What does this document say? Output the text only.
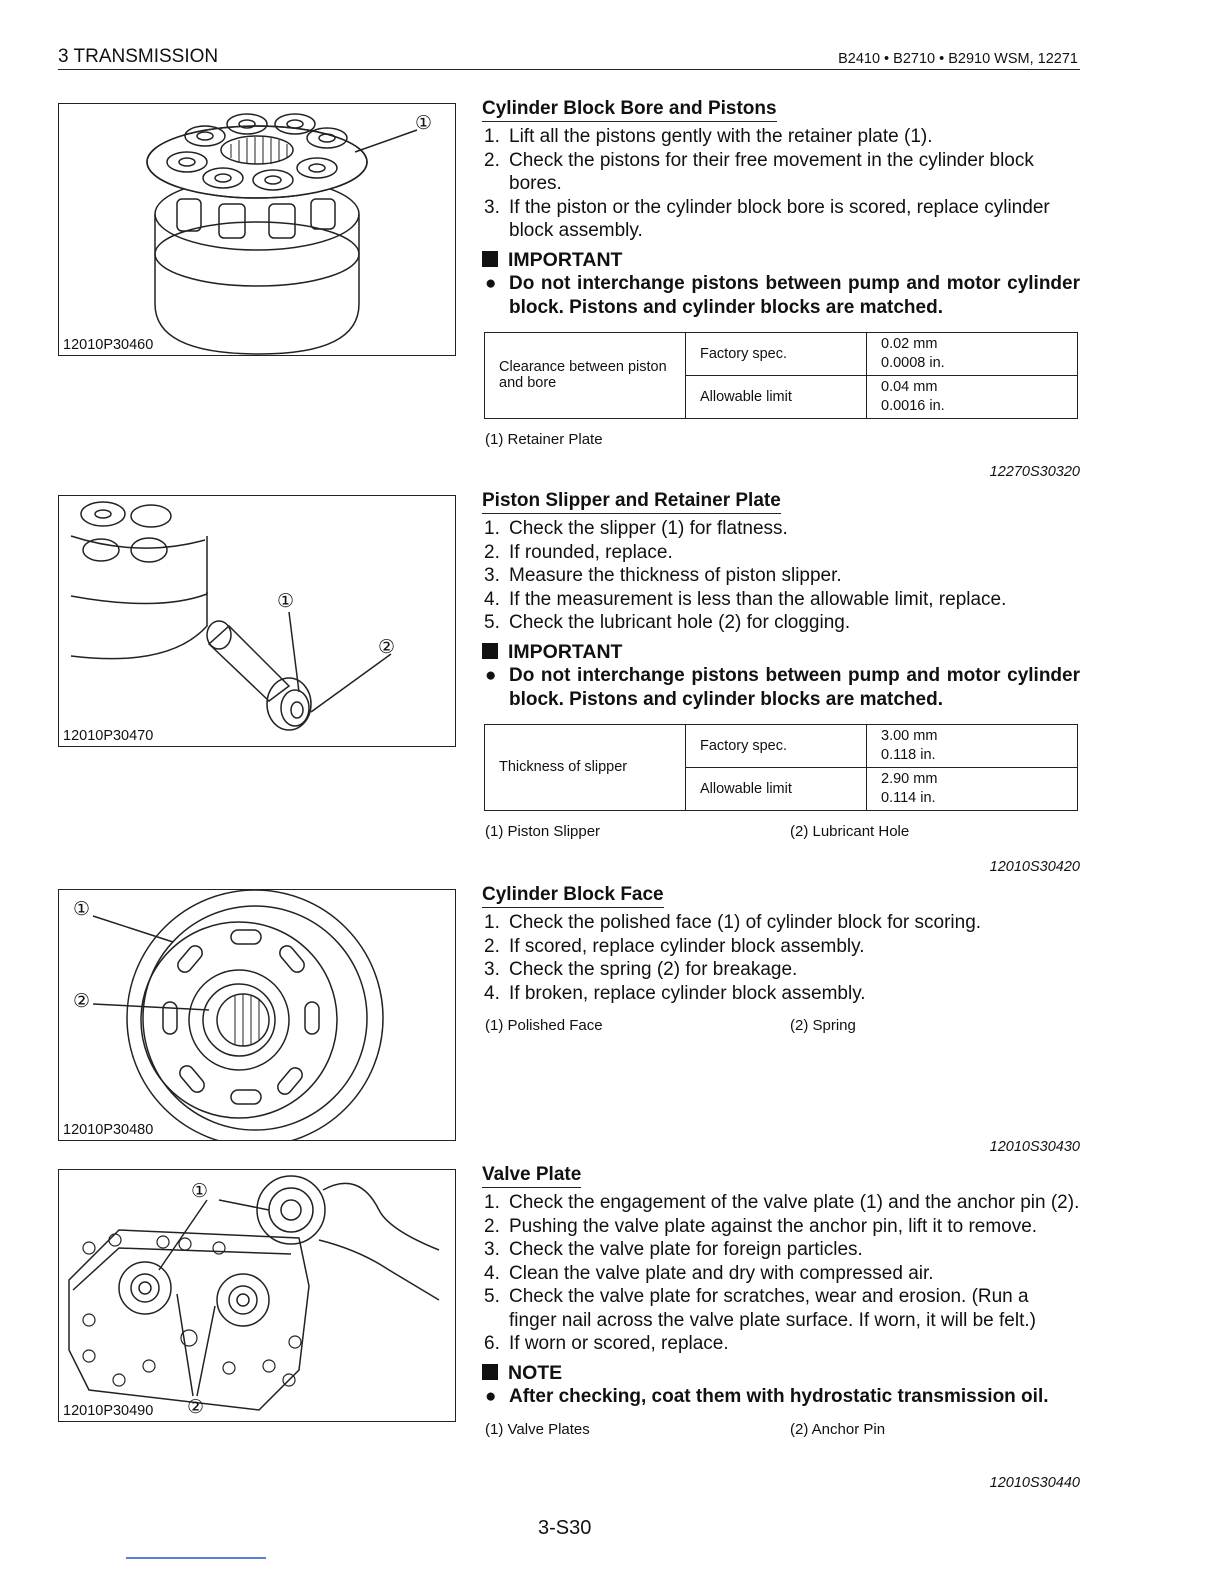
3 TRANSMISSION	B2410 • B2710 • B2910 WSM, 12271
①
12010P30460
①
②
12010P30470
①
②
12010P30480
①
②
12010P30490
Cylinder Block Bore and Pistons
1. Lift all the pistons gently with the retainer plate (1).
2. Check the pistons for their free movement in the cylinder block bores.
3. If the piston or the cylinder block bore is scored, replace cylinder block assembly.
IMPORTANT
● Do not interchange pistons between pump and motor cylinder block. Pistons and cylinder blocks are matched.
Clearance between piston and bore	Factory spec.	0.02 mm
0.0008 in.

	Allowable limit	0.04 mm
0.0016 in.
(1) Retainer Plate
12270S30320
Piston Slipper and Retainer Plate
1. Check the slipper (1) for flatness.
2. If rounded, replace.
3. Measure the thickness of piston slipper.
4. If the measurement is less than the allowable limit, replace.
5. Check the lubricant hole (2) for clogging.
IMPORTANT
● Do not interchange pistons between pump and motor cylinder block. Pistons and cylinder blocks are matched.
Thickness of slipper	Factory spec.	3.00 mm
0.118 in.

	Allowable limit	2.90 mm
0.114 in.
(1) Piston Slipper	(2) Lubricant Hole
12010S30420
Cylinder Block Face
1. Check the polished face (1) of cylinder block for scoring.
2. If scored, replace cylinder block assembly.
3. Check the spring (2) for breakage.
4. If broken, replace cylinder block assembly.
(1) Polished Face	(2) Spring
12010S30430
Valve Plate
1. Check the engagement of the valve plate (1) and the anchor pin (2).
2. Pushing the valve plate against the anchor pin, lift it to remove.
3. Check the valve plate for foreign particles.
4. Clean the valve plate and dry with compressed air.
5. Check the valve plate for scratches, wear and erosion. (Run a finger nail across the valve plate surface. If worn, it will be felt.)
6. If worn or scored, replace.
NOTE
● After checking, coat them with hydrostatic transmission oil.
(1) Valve Plates	(2) Anchor Pin
12010S30440
3-S30
